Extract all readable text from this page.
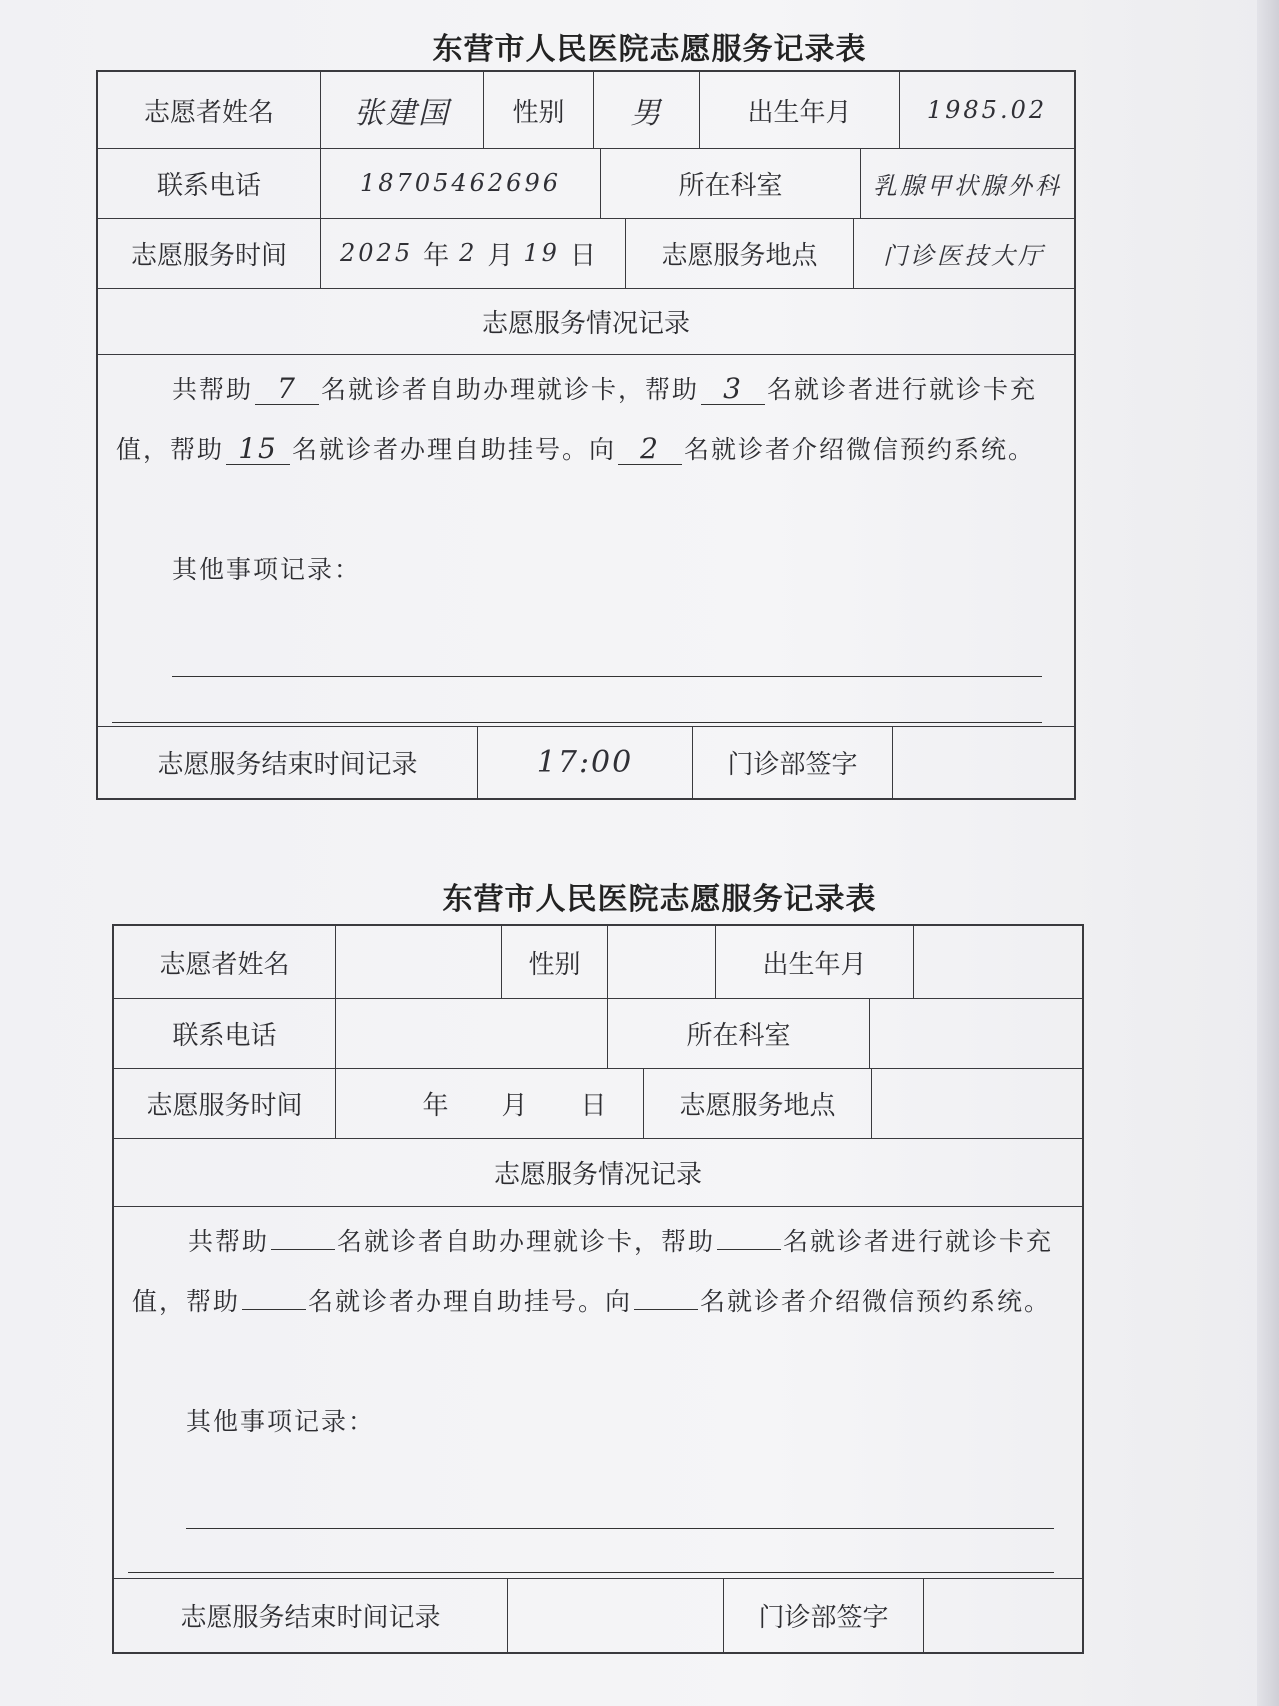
东营市人民医院志愿服务记录表
志愿者姓名	张建国	性别	男	出生年月	1985.02
联系电话	18705462696	所在科室	乳腺甲状腺外科
志愿服务时间	2025 年 2 月 19 日	志愿服务地点	门诊医技大厅
志愿服务情况记录
共帮助 7 名就诊者自助办理就诊卡，帮助 3 名就诊者进行就诊卡充值，帮助 15 名就诊者办理自助挂号。向 2 名就诊者介绍微信预约系统。
其他事项记录：
志愿服务结束时间记录	17:00	门诊部签字
东营市人民医院志愿服务记录表
志愿者姓名	性别	出生年月
联系电话	所在科室
志愿服务时间	年 月 日	志愿服务地点
志愿服务情况记录
共帮助	名就诊者自助办理就诊卡，帮助	名就诊者进行就诊卡充值，帮助	名就诊者办理自助挂号。向	名就诊者介绍微信预约系统。
其他事项记录：
志愿服务结束时间记录	门诊部签字
